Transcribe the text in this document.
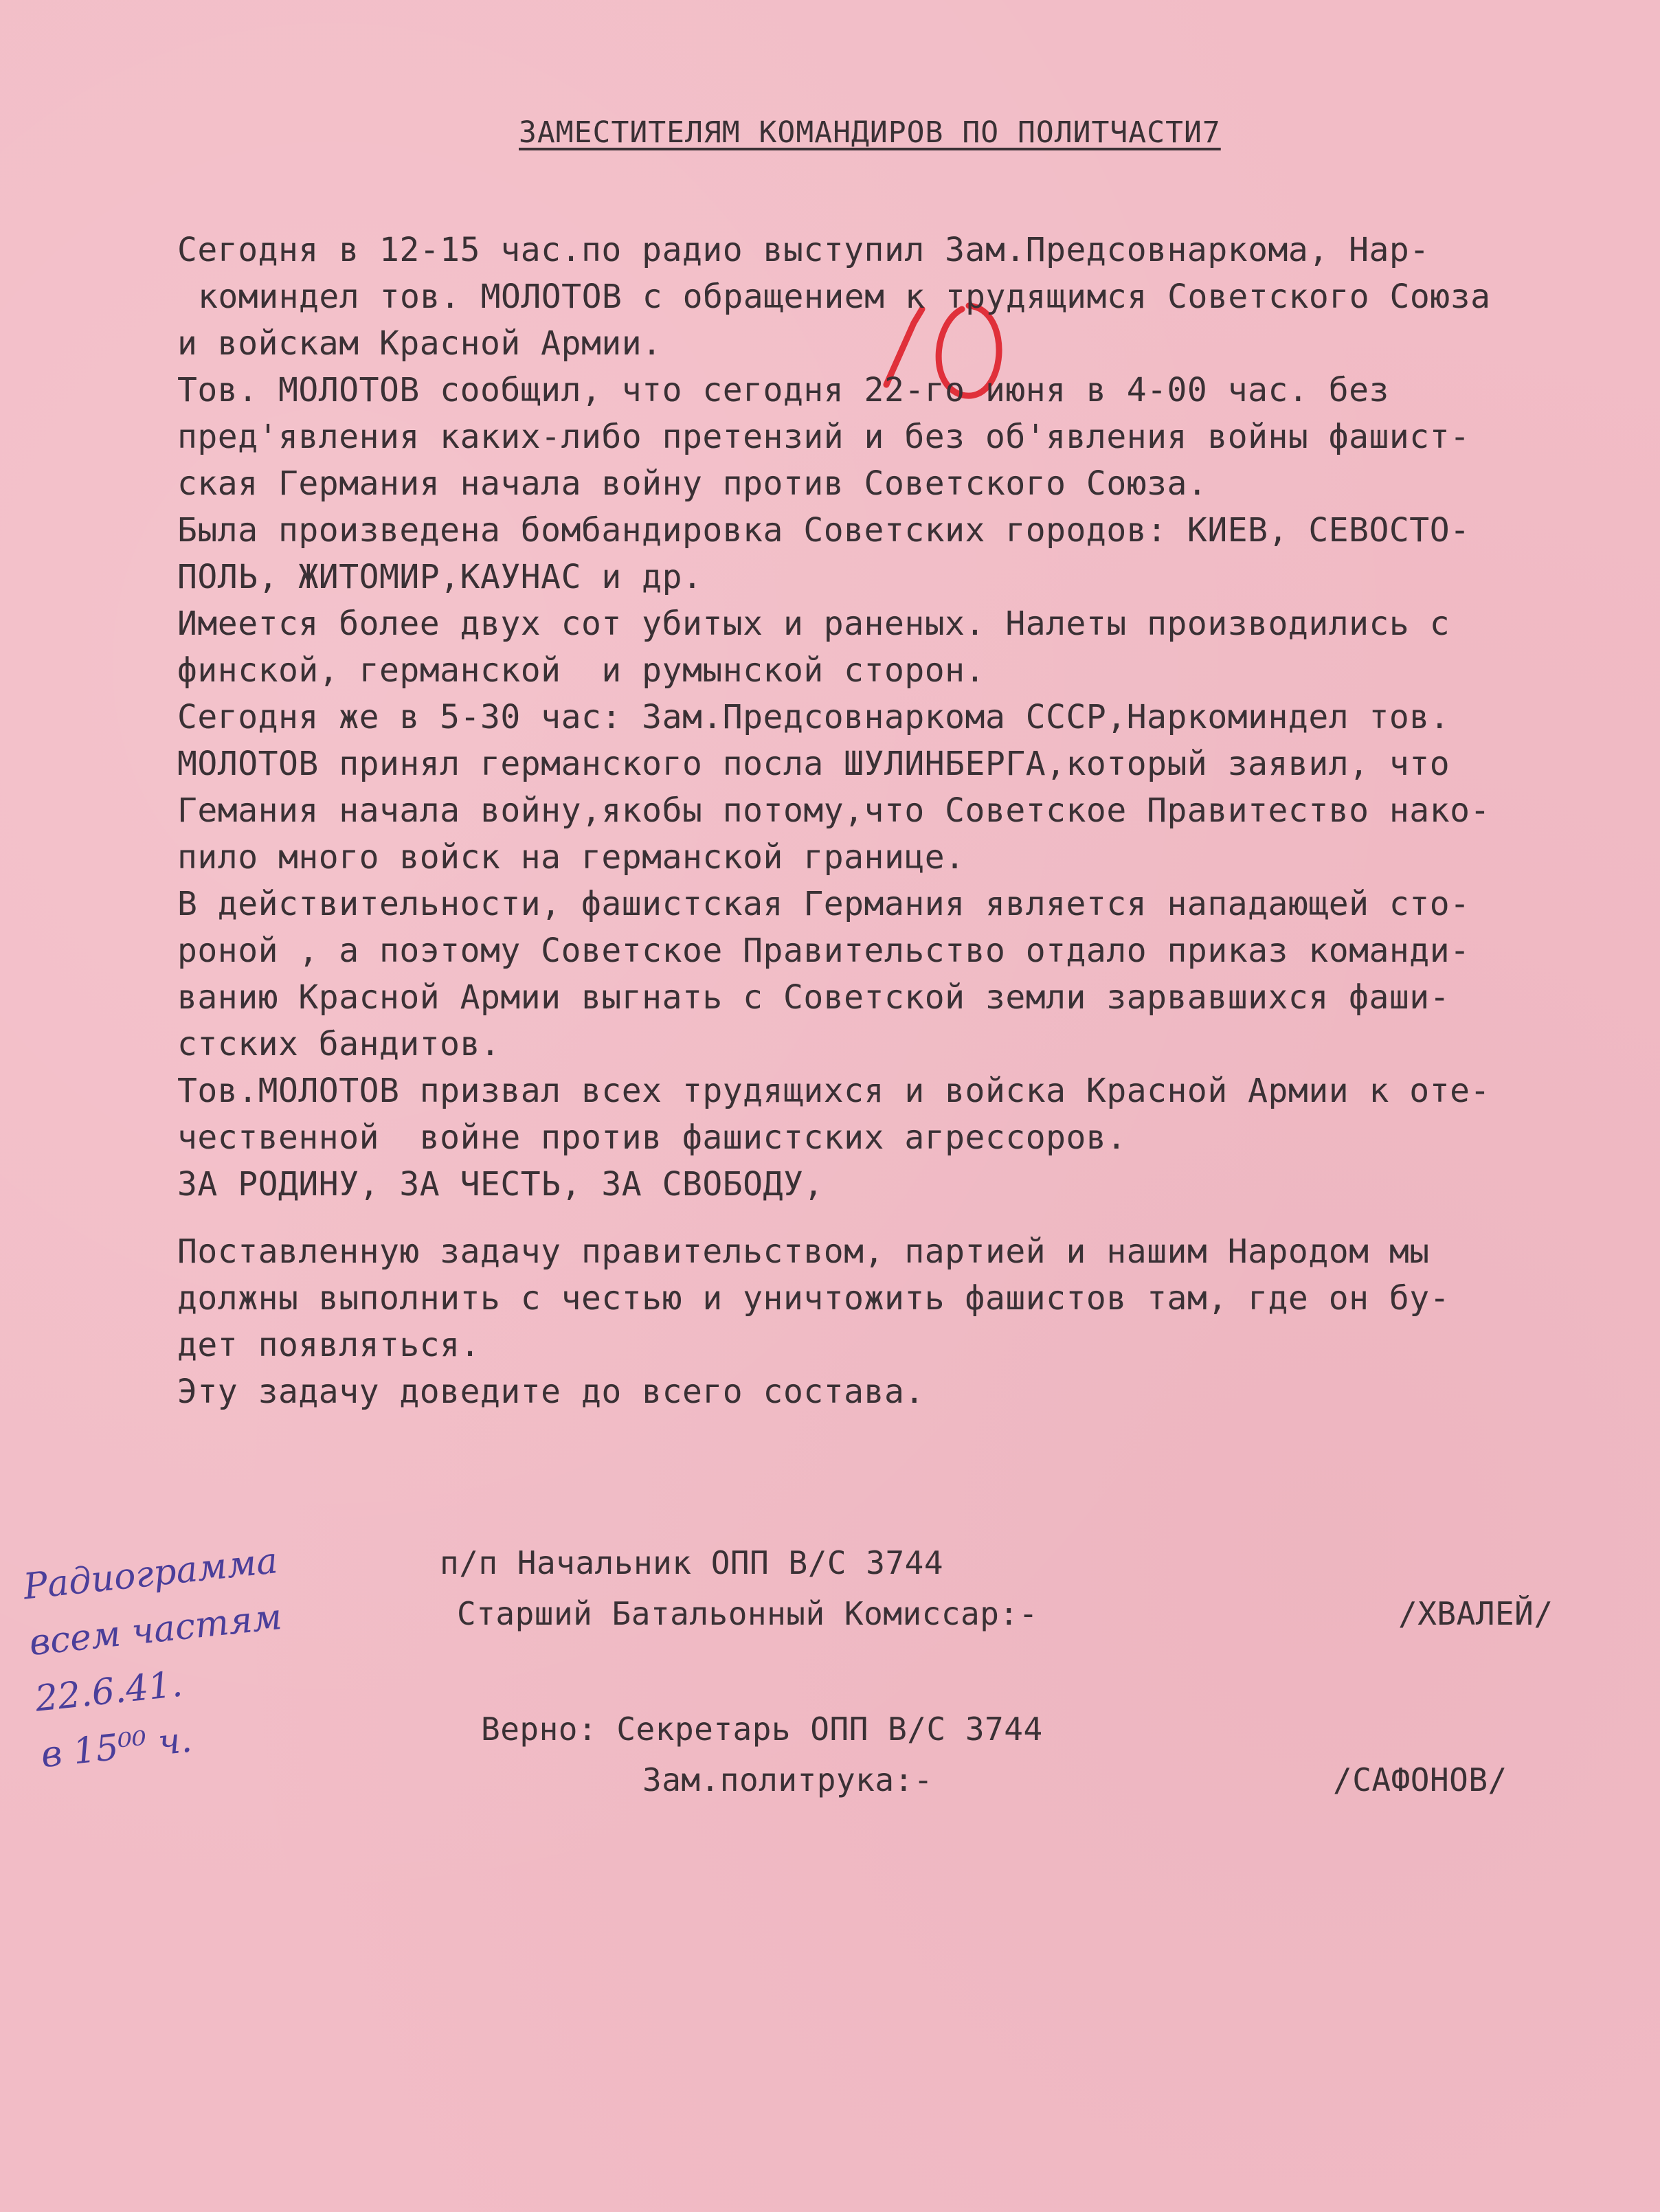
ЗАМЕСТИТЕЛЯМ КОМАНДИРОВ ПО ПОЛИТЧАСТИ7
Сегодня в 12-15 час.по радио выступил Зам.Предсовнаркома, Нар-
коминдел тов. МОЛОТОВ с обращением к трудящимся Советского Союза
и войскам Красной Армии.
Тов. МОЛОТОВ сообщил, что сегодня 22-го июня в 4-00 час. без
пред'явления каких-либо претензий и без об'явления войны фашист-
ская Германия начала войну против Советского Союза.
Была произведена бомбандировка Советских городов: КИЕВ, СЕВОСТО-
ПОЛЬ, ЖИТОМИР,КАУНАС и др.
Имеется более двух сот убитых и раненых. Налеты производились с
финской, германской  и румынской сторон.
Сегодня же в 5-30 час: Зам.Предсовнаркома СССР,Наркоминдел тов.
МОЛОТОВ принял германского посла ШУЛИНБЕРГА,который заявил, что
Гемания начала войну,якобы потому,что Советское Правитество нако-
пило много войск на германской границе.
В действительности, фашистская Германия является нападающей сто-
роной , а поэтому Советское Правительство отдало приказ команди-
ванию Красной Армии выгнать с Советской земли зарвавшихся фаши-
стских бандитов.
Тов.МОЛОТОВ призвал всех трудящихся и войска Красной Армии к оте-
чественной  войне против фашистских агрессоров.
ЗА РОДИНУ, ЗА ЧЕСТЬ, ЗА СВОБОДУ,
Поставленную задачу правительством, партией и нашим Народом мы
должны выполнить с честью и уничтожить фашистов там, где он бу-
дет появляться.
Эту задачу доведите до всего состава.
п/п Начальник ОПП В/С 3744
Старший Батальонный Комиссар:-	/ХВАЛЕЙ/
Верно: Секретарь ОПП В/С 3744
Зам.политрука:-	/САФОНОВ/
Радиограмма
всем частям
22.6.41.
в 15⁰⁰ ч.
